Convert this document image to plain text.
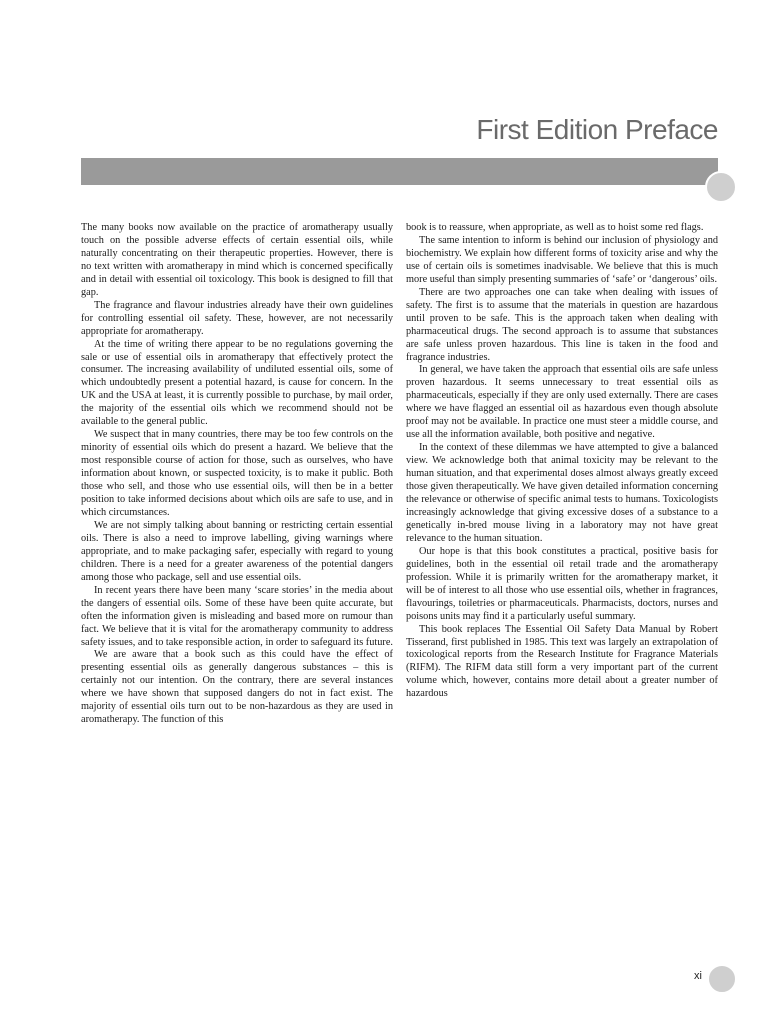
First Edition Preface

The many books now available on the practice of aromatherapy usually touch on the possible adverse effects of certain essential oils, while naturally concentrating on their therapeutic properties. However, there is no text written with aromatherapy in mind which is concerned specifically and in detail with essential oil toxicology. This book is designed to fill that gap.

The fragrance and flavour industries already have their own guidelines for controlling essential oil safety. These, however, are not necessarily appropriate for aromatherapy.

At the time of writing there appear to be no regulations governing the sale or use of essential oils in aromatherapy that effectively protect the consumer. The increasing availability of undiluted essential oils, some of which undoubtedly present a potential hazard, is cause for concern. In the UK and the USA at least, it is currently possible to purchase, by mail order, the majority of the essential oils which we recommend should not be available to the general public.

We suspect that in many countries, there may be too few controls on the minority of essential oils which do present a hazard. We believe that the most responsible course of action for those, such as ourselves, who have information about known, or suspected toxicity, is to make it public. Both those who sell, and those who use essential oils, will then be in a better position to take informed decisions about which oils are safe to use, and in which circumstances.

We are not simply talking about banning or restricting certain essential oils. There is also a need to improve labelling, giving warnings where appropriate, and to make packaging safer, especially with regard to young children. There is a need for a greater awareness of the potential dangers among those who package, sell and use essential oils.

In recent years there have been many ‘scare stories’ in the media about the dangers of essential oils. Some of these have been quite accurate, but often the information given is misleading and based more on rumour than fact. We believe that it is vital for the aromatherapy community to address safety issues, and to take responsible action, in order to safeguard its future.

We are aware that a book such as this could have the effect of presenting essential oils as generally dangerous substances – this is certainly not our intention. On the contrary, there are several instances where we have shown that supposed dangers do not in fact exist. The majority of essential oils turn out to be non-hazardous as they are used in aromatherapy. The function of this

book is to reassure, when appropriate, as well as to hoist some red flags.

The same intention to inform is behind our inclusion of physiology and biochemistry. We explain how different forms of toxicity arise and why the use of certain oils is sometimes inadvisable. We believe that this is much more useful than simply presenting summaries of ‘safe’ or ‘dangerous’ oils.

There are two approaches one can take when dealing with issues of safety. The first is to assume that the materials in question are hazardous until proven to be safe. This is the approach taken when dealing with pharmaceutical drugs. The second approach is to assume that substances are safe unless proven hazardous. This line is taken in the food and fragrance industries.

In general, we have taken the approach that essential oils are safe unless proven hazardous. It seems unnecessary to treat essential oils as pharmaceuticals, especially if they are only used externally. There are cases where we have flagged an essential oil as hazardous even though absolute proof may not be available. In practice one must steer a middle course, and use all the information available, both positive and negative.

In the context of these dilemmas we have attempted to give a balanced view. We acknowledge both that animal toxicity may be relevant to the human situation, and that experimental doses almost always greatly exceed those given therapeutically. We have given detailed information concerning the relevance or otherwise of specific animal tests to humans. Toxicologists increasingly acknowledge that giving excessive doses of a substance to a genetically in-bred mouse living in a laboratory may not have great relevance to the human situation.

Our hope is that this book constitutes a practical, positive basis for guidelines, both in the essential oil retail trade and the aromatherapy profession. While it is primarily written for the aromatherapy market, it will be of interest to all those who use essential oils, whether in fragrances, flavourings, toiletries or pharmaceuticals. Pharmacists, doctors, nurses and poisons units may find it a particularly useful summary.

This book replaces The Essential Oil Safety Data Manual by Robert Tisserand, first published in 1985. This text was largely an extrapolation of toxicological reports from the Research Institute for Fragrance Materials (RIFM). The RIFM data still form a very important part of the current volume which, however, contains more detail about a greater number of hazardous

xi
